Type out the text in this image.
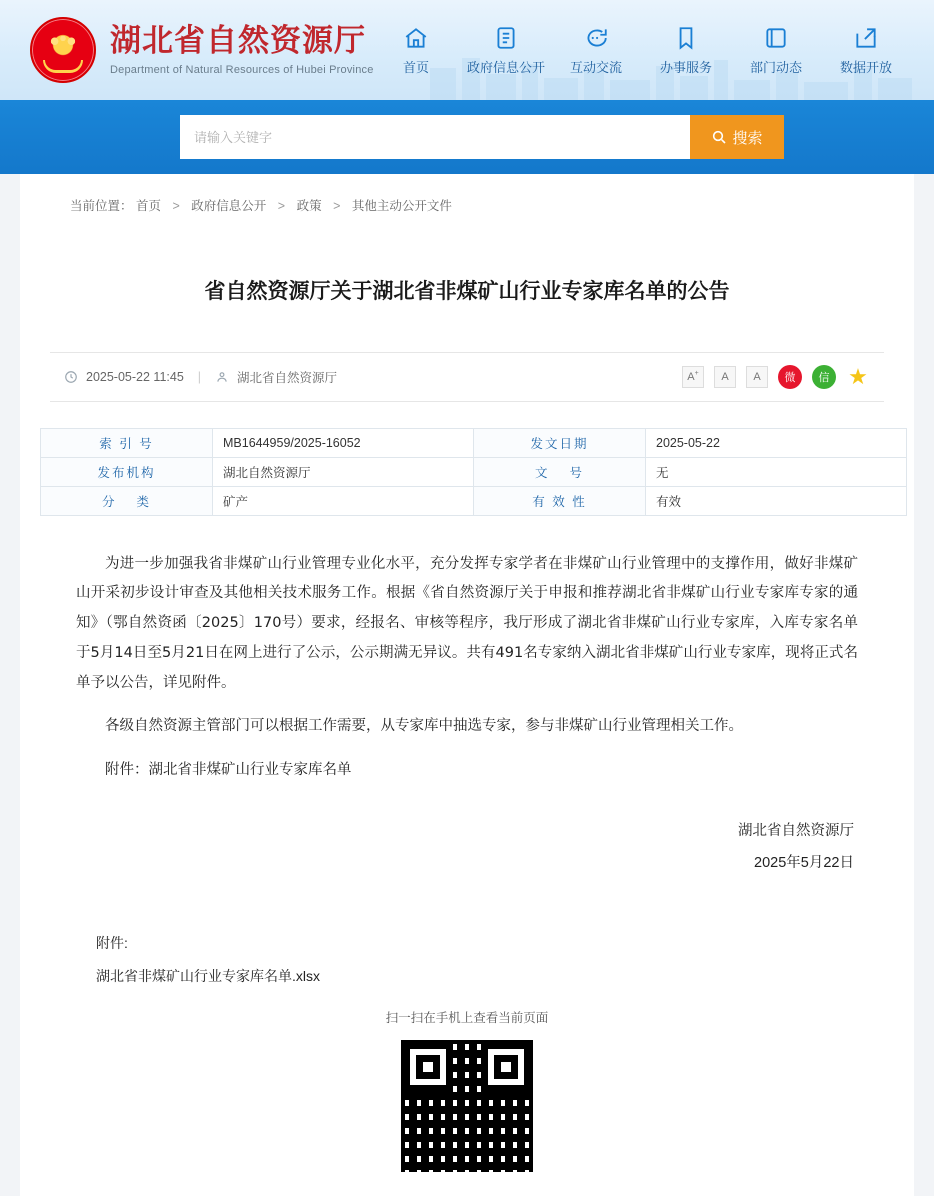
湖北省自然资源厅
Department of Natural Resources of Hubei Province 首页	政府信息公开 互动交流	办事服务	部门动态	数据开放
请输入关键字
搜索
当前位置： 首页 > 政府信息公开 > 政策 > 其他主动公开文件
省自然资源厅关于湖北省非煤矿山行业专家库名单的公告
2025-05-22 11:45 |	湖北省自然资源厅	A+ A A	微	信 ★
索 引 号	MB1644959/2025-16052	发文日期	2025-05-22
发布机构	湖北自然资源厅	文　 号	无
分　 类	矿产	有 效 性	有效

为进一步加强我省非煤矿山行业管理专业化水平，充分发挥专家学者在非煤矿山行业管理中的支撑作用，做好非煤矿山开采初步设计审查及其他相关技术服务工作。根据《省自然资源厅关于申报和推荐湖北省非煤矿山行业专家库专家的通知》（鄂自然资函〔2025〕170号）要求，经报名、审核等程序，我厅形成了湖北省非煤矿山行业专家库，入库专家名单于5月14日至5月21日在网上进行了公示，公示期满无异议。共有491名专家纳入湖北省非煤矿山行业专家库，现将正式名单予以公告，详见附件。

各级自然资源主管部门可以根据工作需要，从专家库中抽选专家，参与非煤矿山行业管理相关工作。

附件：湖北省非煤矿山行业专家库名单

湖北省自然资源厅
2025年5月22日
附件:
湖北省非煤矿山行业专家库名单.xlsx
扫一扫在手机上查看当前页面
